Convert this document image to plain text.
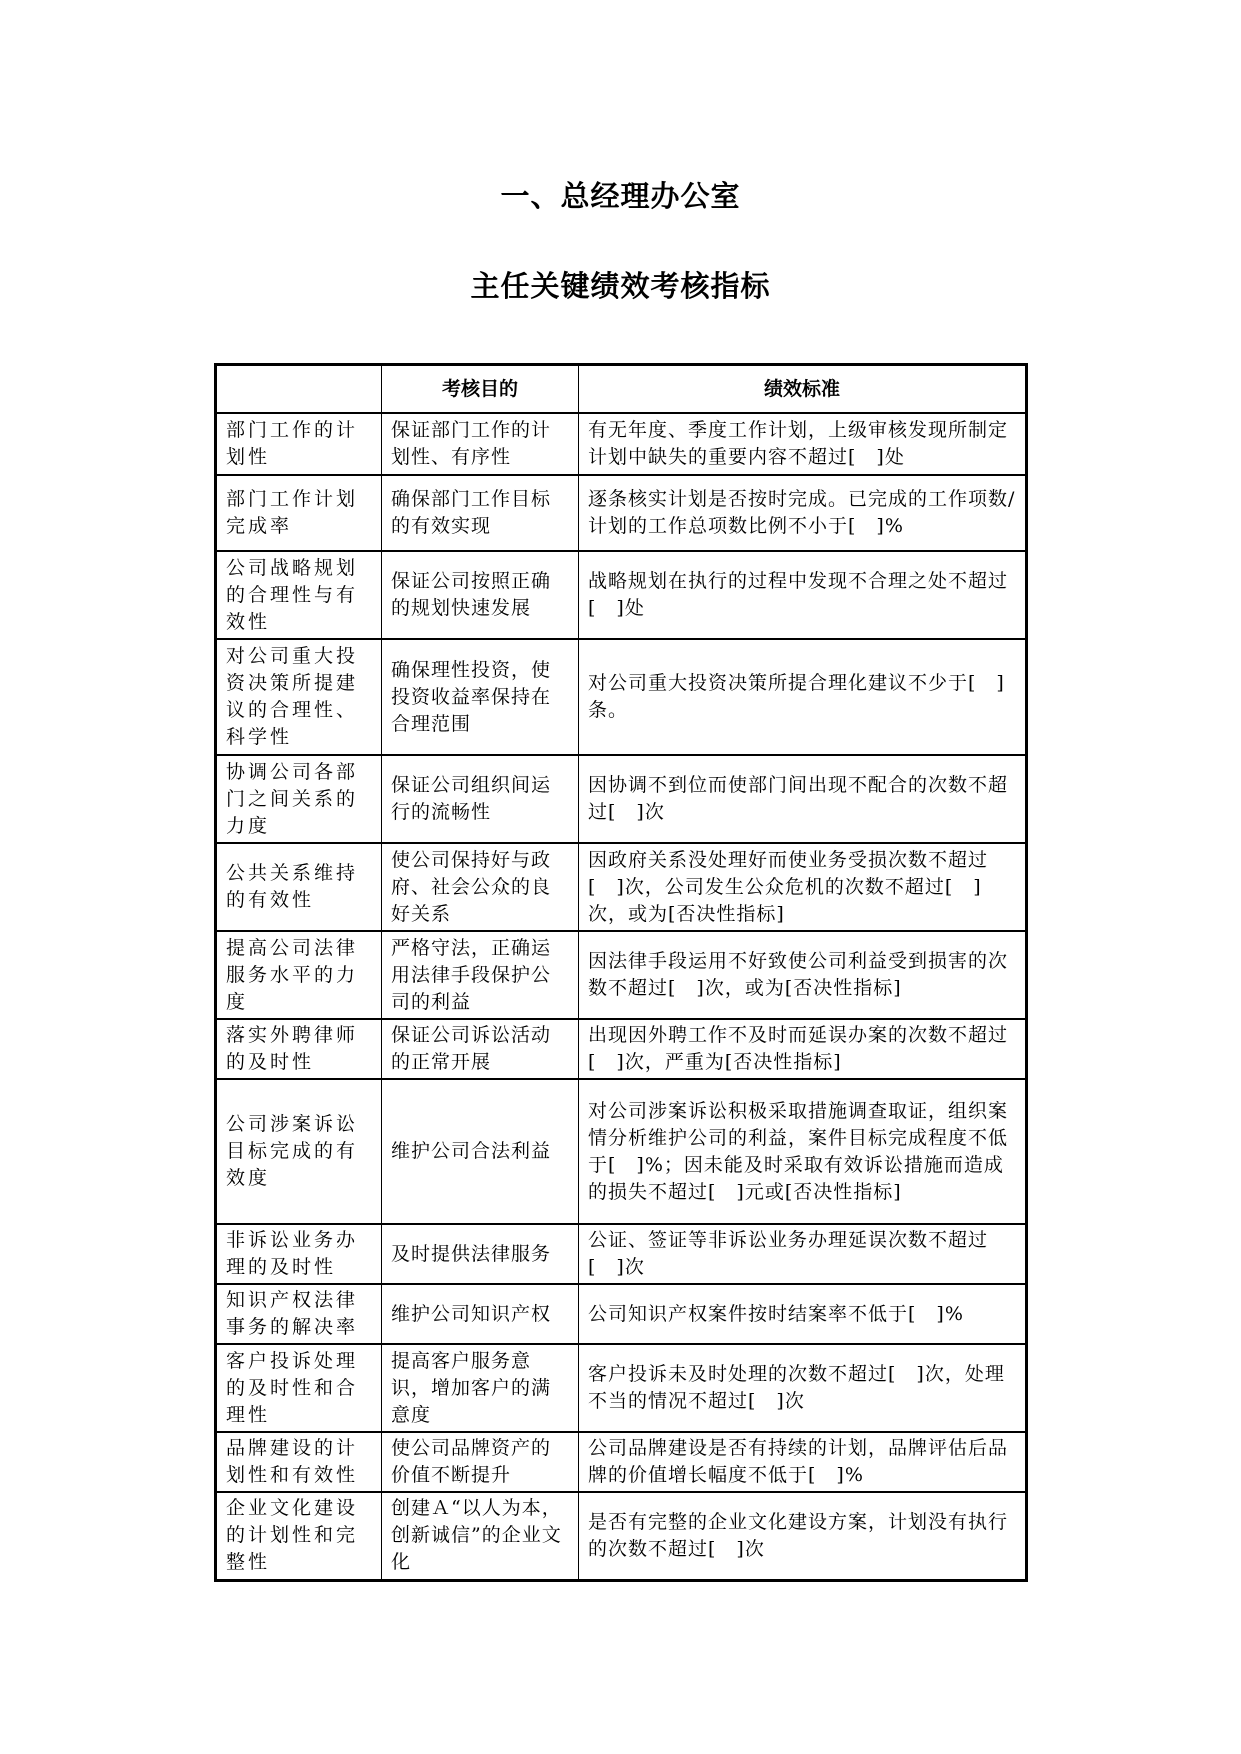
一、总经理办公室
主任关键绩效考核指标
	考核目的	绩效标准
部门工作的计划性	保证部门工作的计划性、有序性	有无年度、季度工作计划，上级审核发现所制定计划中缺失的重要内容不超过[　]处
部门工作计划完成率	确保部门工作目标的有效实现	逐条核实计划是否按时完成。已完成的工作项数/计划的工作总项数比例不小于[　]%
公司战略规划的合理性与有效性	保证公司按照正确的规划快速发展	战略规划在执行的过程中发现不合理之处不超过[　]处
对公司重大投资决策所提建议的合理性、科学性	确保理性投资，使投资收益率保持在合理范围	对公司重大投资决策所提合理化建议不少于[　]条。
协调公司各部门之间关系的力度	保证公司组织间运行的流畅性	因协调不到位而使部门间出现不配合的次数不超过[　]次
公共关系维持的有效性	使公司保持好与政府、社会公众的良好关系	因政府关系没处理好而使业务受损次数不超过[　]次，公司发生公众危机的次数不超过[　]次，或为[否决性指标]
提高公司法律服务水平的力度	严格守法，正确运用法律手段保护公司的利益	因法律手段运用不好致使公司利益受到损害的次数不超过[　]次，或为[否决性指标]
落实外聘律师的及时性	保证公司诉讼活动的正常开展	出现因外聘工作不及时而延误办案的次数不超过[　]次，严重为[否决性指标]
公司涉案诉讼目标完成的有效度	维护公司合法利益	对公司涉案诉讼积极采取措施调查取证，组织案情分析维护公司的利益，案件目标完成程度不低于[　]%；因未能及时采取有效诉讼措施而造成的损失不超过[　]元或[否决性指标]
非诉讼业务办理的及时性	及时提供法律服务	公证、签证等非诉讼业务办理延误次数不超过[　]次
知识产权法律事务的解决率	维护公司知识产权	公司知识产权案件按时结案率不低于[　]%
客户投诉处理的及时性和合理性	提高客户服务意识，增加客户的满意度	客户投诉未及时处理的次数不超过[　]次，处理不当的情况不超过[　]次
品牌建设的计划性和有效性	使公司品牌资产的价值不断提升	公司品牌建设是否有持续的计划，品牌评估后品牌的价值增长幅度不低于[　]%
企业文化建设的计划性和完整性	创建Ａ“以人为本，创新诚信”的企业文化	是否有完整的企业文化建设方案，计划没有执行的次数不超过[　]次
